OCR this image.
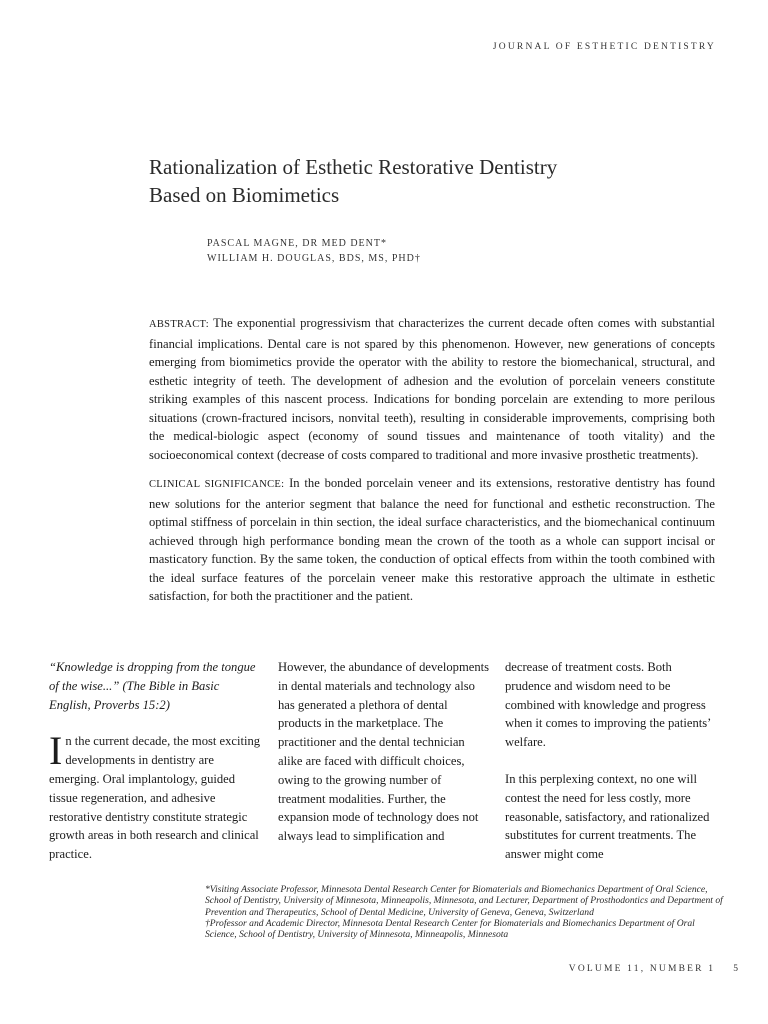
JOURNAL OF ESTHETIC DENTISTRY
Rationalization of Esthetic Restorative Dentistry
Based on Biomimetics
PASCAL MAGNE, DR MED DENT*
WILLIAM H. DOUGLAS, BDS, MS, PHD†

ABSTRACT: The exponential progressivism that characterizes the current decade often comes with substantial financial implications. Dental care is not spared by this phenomenon. However, new generations of concepts emerging from biomimetics provide the operator with the ability to restore the biomechanical, structural, and esthetic integrity of teeth. The development of adhesion and the evolution of porcelain veneers constitute striking examples of this nascent process. Indications for bonding porcelain are extending to more perilous situations (crown-fractured incisors, nonvital teeth), resulting in considerable improvements, comprising both the medical-biologic aspect (economy of sound tissues and maintenance of tooth vitality) and the socioeconomical context (decrease of costs compared to traditional and more invasive prosthetic treatments).

CLINICAL SIGNIFICANCE: In the bonded porcelain veneer and its extensions, restorative dentistry has found new solutions for the anterior segment that balance the need for functional and esthetic reconstruction. The optimal stiffness of porcelain in thin section, the ideal surface characteristics, and the biomechanical continuum achieved through high performance bonding mean the crown of the tooth as a whole can support incisal or masticatory function. By the same token, the conduction of optical effects from within the tooth combined with the ideal surface features of the porcelain veneer make this restorative approach the ultimate in esthetic satisfaction, for both the practitioner and the patient.

“Knowledge is dropping from the tongue of the wise...” (The Bible in Basic English, Proverbs 15:2)

In the current decade, the most exciting developments in dentistry are emerging. Oral implantology, guided tissue regeneration, and adhesive restorative dentistry constitute strategic growth areas in both research and clinical practice.

However, the abundance of developments in dental materials and technology also has generated a plethora of dental products in the marketplace. The practitioner and the dental technician alike are faced with difficult choices, owing to the growing number of treatment modalities. Further, the expansion mode of technology does not always lead to simplification and

decrease of treatment costs. Both prudence and wisdom need to be combined with knowledge and progress when it comes to improving the patients’ welfare.

In this perplexing context, no one will contest the need for less costly, more reasonable, satisfactory, and rationalized substitutes for current treatments. The answer might come

*Visiting Associate Professor, Minnesota Dental Research Center for Biomaterials and Biomechanics Department of Oral Science, School of Dentistry, University of Minnesota, Minneapolis, Minnesota, and Lecturer, Department of Prosthodontics and Department of Prevention and Therapeutics, School of Dental Medicine, University of Geneva, Geneva, Switzerland

†Professor and Academic Director, Minnesota Dental Research Center for Biomaterials and Biomechanics Department of Oral Science, School of Dentistry, University of Minnesota, Minneapolis, Minnesota

VOLUME 11, NUMBER 1 5
